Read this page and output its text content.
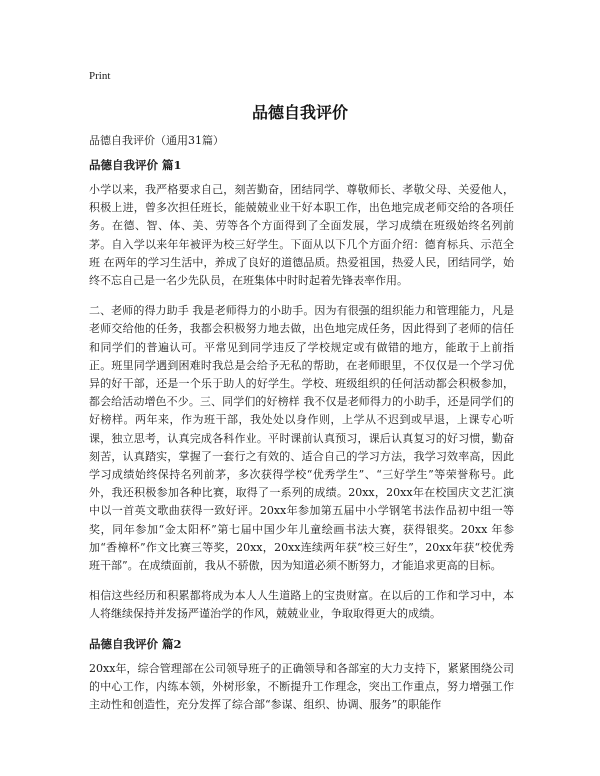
Print
品德自我评价

品德自我评价（通用31篇）

品德自我评价 篇1

小学以来，我严格要求自己，刻苦勤奋，团结同学、尊敬师长、孝敬父母、关爱他人，积极上进，曾多次担任班长，能兢兢业业干好本职工作，出色地完成老师交给的各项任务。在德、智、体、美、劳等各个方面得到了全面发展，学习成绩在班级始终名列前茅。自入学以来年年被评为校三好学生。下面从以下几个方面介绍：德育标兵、示范全班 在两年的学习生活中，养成了良好的道德品质。热爱祖国，热爱人民，团结同学，始终不忘自己是一名少先队员，在班集体中时时起着先锋表率作用。

二、老师的得力助手 我是老师得力的小助手。因为有很强的组织能力和管理能力，凡是老师交给他的任务，我都会积极努力地去做，出色地完成任务，因此得到了老师的信任和同学们的普遍认可。平常见到同学违反了学校规定或有做错的地方，能敢于上前指正。班里同学遇到困难时我总是会给予无私的帮助，在老师眼里，不仅仅是一个学习优异的好干部，还是一个乐于助人的好学生。学校、班级组织的任何活动都会积极参加，都会给活动增色不少。三、同学们的好榜样 我不仅是老师得力的小助手，还是同学们的好榜样。两年来，作为班干部，我处处以身作则，上学从不迟到或早退，上课专心听课，独立思考，认真完成各科作业。平时课前认真预习，课后认真复习的好习惯，勤奋刻苦，认真踏实，掌握了一套行之有效的、适合自己的学习方法，我学习效率高，因此学习成绩始终保持名列前茅，多次获得学校“优秀学生”、“三好学生”等荣誉称号。此外，我还积极参加各种比赛，取得了一系列的成绩。20xx，20xx年在校国庆文艺汇演中以一首英文歌曲获得一致好评。20xx年参加第五届中小学钢笔书法作品初中组一等奖，同年参加“金太阳杯”第七届中国少年儿童绘画书法大赛，获得银奖。20xx 年参加“香樟杯”作文比赛三等奖，20xx，20xx连续两年获“校三好生”，20xx年获“校优秀班干部”。在成绩面前，我从不骄傲，因为知道必须不断努力，才能追求更高的目标。

相信这些经历和积累都将成为本人人生道路上的宝贵财富。在以后的工作和学习中，本人将继续保持并发扬严谨治学的作风，兢兢业业，争取取得更大的成绩。

品德自我评价 篇2

20xx年，综合管理部在公司领导班子的正确领导和各部室的大力支持下，紧紧围绕公司的中心工作，内练本领，外树形象，不断提升工作理念，突出工作重点，努力增强工作主动性和创造性，充分发挥了综合部“参谋、组织、协调、服务”的职能作
